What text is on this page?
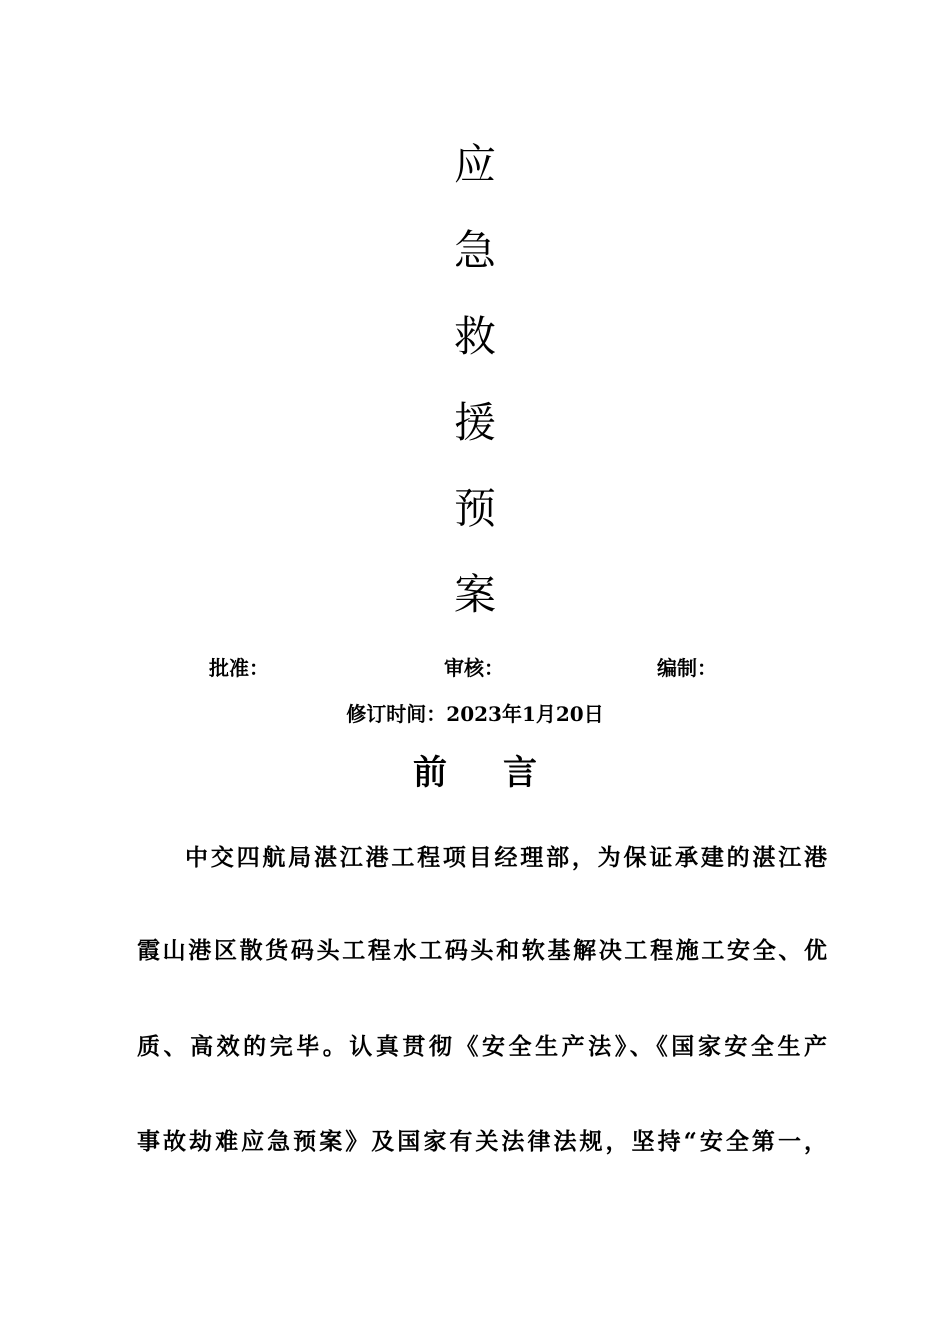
应
急
救
援
预
案
批准：	审核：	编制：
修订时间：2023年1月20日
前 言
中交四航局湛江港工程项目经理部，为保证承建的湛江港
霞山港区散货码头工程水工码头和软基解决工程施工安全、优
质、高效的完毕。认真贯彻《安全生产法》、《国家安全生产
事故劫难应急预案》及国家有关法律法规，坚持“安全第一，
